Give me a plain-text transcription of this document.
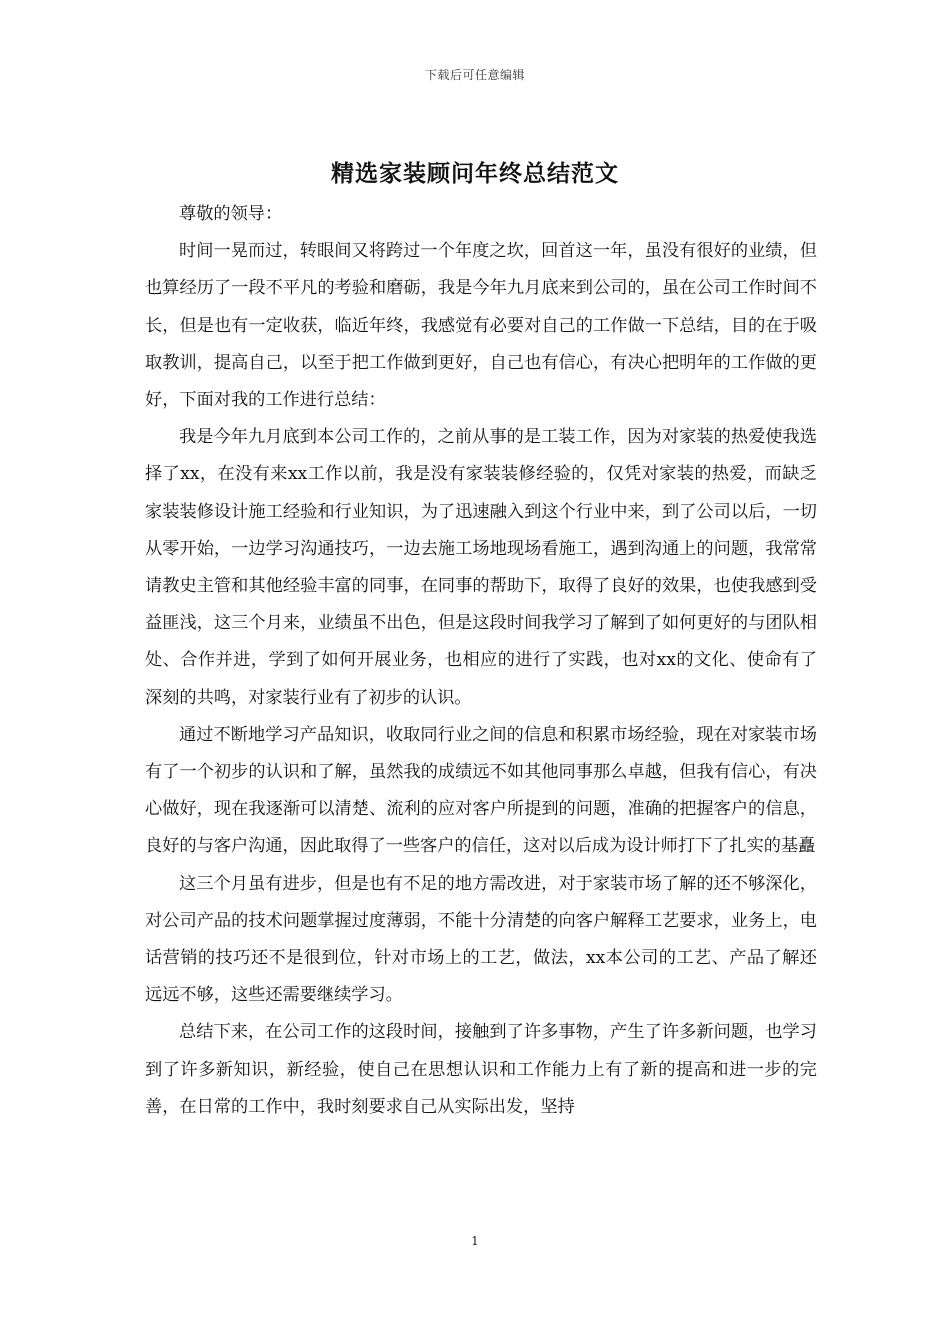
下载后可任意编辑
精选家装顾问年终总结范文

尊敬的领导：

时间一晃而过，转眼间又将跨过一个年度之坎，回首这一年，虽没有很好的业绩，但也算经历了一段不平凡的考验和磨砺，我是今年九月底来到公司的，虽在公司工作时间不长，但是也有一定收获，临近年终，我感觉有必要对自己的工作做一下总结，目的在于吸取教训，提高自己，以至于把工作做到更好，自己也有信心，有决心把明年的工作做的更好，下面对我的工作进行总结：

我是今年九月底到本公司工作的，之前从事的是工装工作，因为对家装的热爱使我选择了xx，在没有来xx工作以前，我是没有家装装修经验的，仅凭对家装的热爱，而缺乏家装装修设计施工经验和行业知识，为了迅速融入到这个行业中来，到了公司以后，一切从零开始，一边学习沟通技巧，一边去施工场地现场看施工，遇到沟通上的问题，我常常请教史主管和其他经验丰富的同事，在同事的帮助下，取得了良好的效果，也使我感到受益匪浅，这三个月来，业绩虽不出色，但是这段时间我学习了解到了如何更好的与团队相处、合作并进，学到了如何开展业务，也相应的进行了实践，也对xx的文化、使命有了深刻的共鸣，对家装行业有了初步的认识。

通过不断地学习产品知识，收取同行业之间的信息和积累市场经验，现在对家装市场有了一个初步的认识和了解，虽然我的成绩远不如其他同事那么卓越，但我有信心，有决心做好，现在我逐渐可以清楚、流利的应对客户所提到的问题，准确的把握客户的信息，良好的与客户沟通，因此取得了一些客户的信任，这对以后成为设计师打下了扎实的基矗

这三个月虽有进步，但是也有不足的地方需改进，对于家装市场了解的还不够深化，对公司产品的技术问题掌握过度薄弱，不能十分清楚的向客户解释工艺要求，业务上，电话营销的技巧还不是很到位，针对市场上的工艺，做法，xx本公司的工艺、产品了解还远远不够，这些还需要继续学习。

总结下来，在公司工作的这段时间，接触到了许多事物，产生了许多新问题，也学习到了许多新知识，新经验，使自己在思想认识和工作能力上有了新的提高和进一步的完善，在日常的工作中，我时刻要求自己从实际出发，坚持

1
